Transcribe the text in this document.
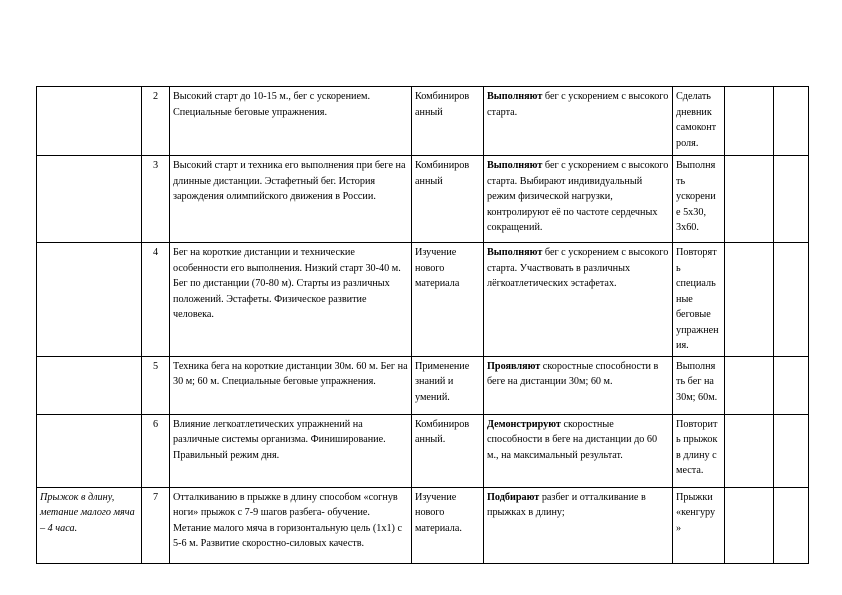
	2	Высокий старт до 10-15 м., бег с ускорением. Специальные беговые упражнения.	Комбиниров анный	Выполняют бег с ускорением с высокого старта.	Сделать дневник самоконт роля.		
	3	Высокий старт и техника его выполнения при беге на длинные дистанции. Эстафетный бег. История зарождения олимпийского движения в России.	Комбиниров анный	Выполняют бег с ускорением с высокого старта. Выбирают индивидуальный режим физической нагрузки, контролируют её по частоте сердечных сокращений.	Выполня ть ускорени е 5х30, 3х60.		
	4	Бег на короткие дистанции и технические особенности его выполнения. Низкий старт 30-40 м. Бег по дистанции (70-80 м). Старты из различных положений. Эстафеты. Физическое развитие человека.	Изучение нового материала	Выполняют бег с ускорением с высокого старта. Участвовать в различных лёгкоатлетических эстафетах.	Повторят ь специаль ные беговые упражнен ия.		
	5	Техника бега на короткие дистанции 30м. 60 м. Бег на 30 м; 60 м. Специальные беговые упражнения.	Применение знаний и умений.	Проявляют скоростные способности в беге на дистанции 30м; 60 м.	Выполня ть бег на 30м; 60м.		
	6	Влияние легкоатлетических упражнений на различные системы организма. Финиширование. Правильный режим дня.	Комбиниров анный.	Демонстрируют скоростные способности в беге на дистанции до 60 м., на максимальный результат.	Повторит ь прыжок в длину с места.		
Прыжок в длину, метание малого мяча – 4 часа.	7	Отталкиванию в прыжке в длину способом «согнув ноги» прыжок с 7-9 шагов разбега- обучение. Метание малого мяча в горизонтальную цель (1х1) с 5-6 м. Развитие скоростно-силовых качеств.	Изучение нового материала.	Подбирают разбег и отталкивание в прыжках в длину;	Прыжки «кенгуру »		
